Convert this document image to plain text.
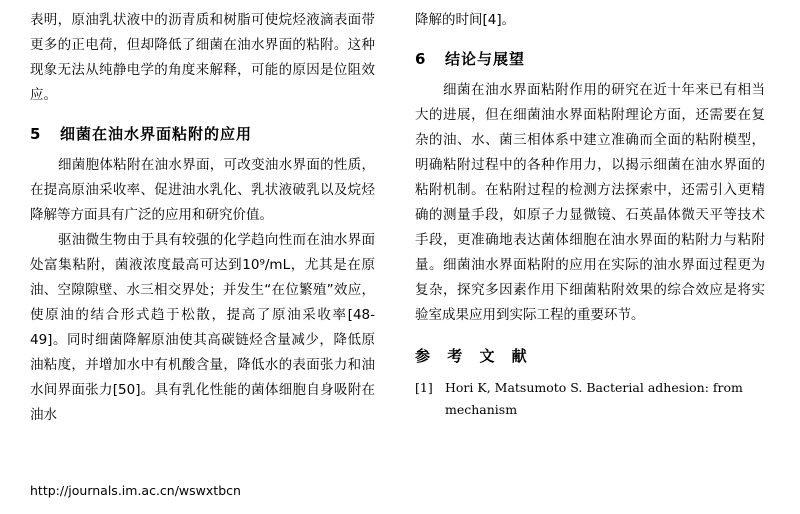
表明，原油乳状液中的沥青质和树脂可使烷烃液滴表面带更多的正电荷，但却降低了细菌在油水界面的粘附。这种现象无法从纯静电学的角度来解释，可能的原因是位阻效应。

5	细菌在油水界面粘附的应用

细菌胞体粘附在油水界面，可改变油水界面的性质，在提高原油采收率、促进油水乳化、乳状液破乳以及烷烃降解等方面具有广泛的应用和研究价值。

驱油微生物由于具有较强的化学趋向性而在油水界面处富集粘附，菌液浓度最高可达到10⁹/mL，尤其是在原油、空隙隙壁、水三相交界处；并发生“在位繁殖”效应，使原油的结合形式趋于松散，提高了原油采收率[48-49]。同时细菌降解原油使其高碳链烃含量减少，降低原油粘度，并增加水中有机酸含量，降低水的表面张力和油水间界面张力[50]。具有乳化性能的菌体细胞自身吸附在油水

降解的时间[4]。

6	结论与展望

细菌在油水界面粘附作用的研究在近十年来已有相当大的进展，但在细菌油水界面粘附理论方面，还需要在复杂的油、水、菌三相体系中建立准确而全面的粘附模型，明确粘附过程中的各种作用力，以揭示细菌在油水界面的粘附机制。在粘附过程的检测方法探索中，还需引入更精确的测量手段，如原子力显微镜、石英晶体微天平等技术手段，更准确地表达菌体细胞在油水界面的粘附力与粘附量。细菌油水界面粘附的应用在实际的油水界面过程更为复杂，探究多因素作用下细菌粘附效果的综合效应是将实验室成果应用到实际工程的重要环节。

参 考 文 献
[1] Hori K, Matsumoto S. Bacterial adhesion: from mechanism
http://journals.im.ac.cn/wswxtbcn
